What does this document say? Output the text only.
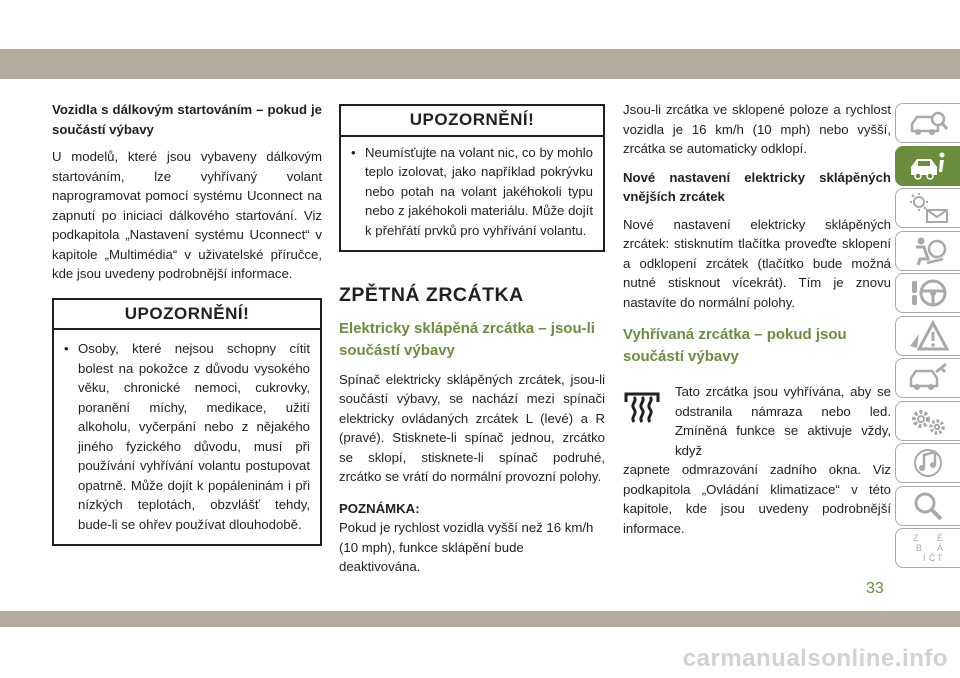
Vozidla s dálkovým startováním – pokud je součástí výbavy

U modelů, které jsou vybaveny dálkovým startováním, lze vyhřívaný volant naprogramovat pomocí systému Uconnect na zapnutí po iniciaci dálkového startování. Viz podkapitola „Nastavení systému Uconnect“ v kapitole „Multimédia“ v uživatelské příručce, kde jsou uvedeny podrobnější informace.

UPOZORNĚNÍ!
• Osoby, které nejsou schopny cítit bolest na pokožce z důvodu vysokého věku, chronické nemoci, cukrovky, poranění míchy, medikace, užití alkoholu, vyčerpání nebo z nějakého jiného fyzického důvodu, musí při používání vyhřívání volantu postupovat opatrně. Může dojít k popáleninám i při nízkých teplotách, obzvlášť tehdy, bude-li se ohřev používat dlouhodobě.
UPOZORNĚNÍ!
• Neumísťujte na volant nic, co by mohlo teplo izolovat, jako například pokrývku nebo potah na volant jakéhokoli typu nebo z jakéhokoli materiálu. Může dojít k přehřátí prvků pro vyhřívání volantu.
ZPĚTNÁ ZRCÁTKA
Elektricky sklápěná zrcátka – jsou-li součástí výbavy

Spínač elektricky sklápěných zrcátek, jsou-li součástí výbavy, se nachází mezi spínači elektricky ovládaných zrcátek L (levé) a R (pravé). Stisknete-li spínač jednou, zrcátko se sklopí, stisknete-li spínač podruhé, zrcátko se vrátí do normální provozní polohy.

POZNÁMKA:

Pokud je rychlost vozidla vyšší než 16 km/h (10 mph), funkce sklápění bude deaktivována.

Jsou-li zrcátka ve sklopené poloze a rychlost vozidla je 16 km/h (10 mph) nebo vyšší, zrcátka se automaticky odklopí.

Nové nastavení elektricky sklápěných vnějších zrcátek

Nové nastavení elektricky sklápěných zrcátek: stisknutím tlačítka proveďte sklopení a odklopení zrcátek (tlačítko bude možná nutné stisknout vícekrát). Tím je znovu nastavíte do normální polohy.

Vyhřívaná zrcátka – pokud jsou součástí výbavy

Tato zrcátka jsou vyhřívána, aby se odstranila námraza nebo led. Zmíněná funkce se aktivuje vždy, když

zapnete odmrazování zadního okna. Viz podkapitola „Ovládání klimatizace“ v této kapitole, kde jsou uvedeny podrobnější informace.

Z É
B Á
I Č T
33
carmanualsonline.info
